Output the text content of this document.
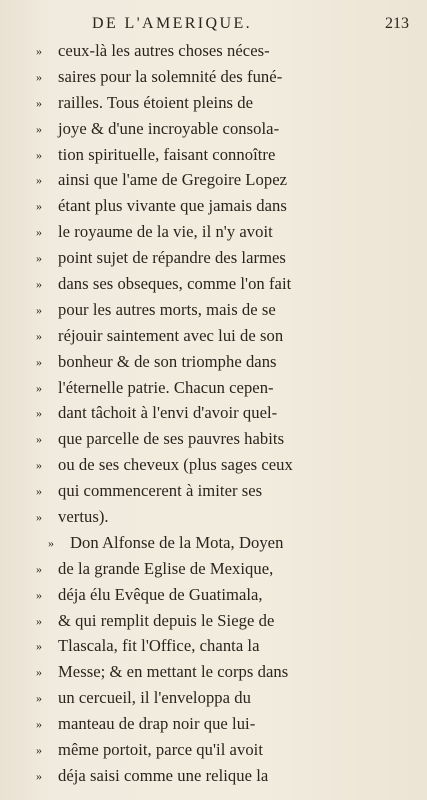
DE L'AMERIQUE.	213
» ceux-là les autres choses néces-
» saires pour la solemnité des funé-
» railles. Tous étoient pleins de
» joye & d'une incroyable consola-
» tion spirituelle, faisant connoître
» ainsi que l'ame de Gregoire Lopez
» étant plus vivante que jamais dans
» le royaume de la vie, il n'y avoit
» point sujet de répandre des larmes
» dans ses obseques, comme l'on fait
» pour les autres morts, mais de se
» réjouir saintement avec lui de son
» bonheur & de son triomphe dans
» l'éternelle patrie. Chacun cepen-
» dant tâchoit à l'envi d'avoir quel-
» que parcelle de ses pauvres habits
» ou de ses cheveux (plus sages ceux
» qui commencerent à imiter ses
» vertus).
» Don Alfonse de la Mota, Doyen
» de la grande Eglise de Mexique,
» déja élu Evêque de Guatimala,
» & qui remplit depuis le Siege de
» Tlascala, fit l'Office, chanta la
» Messe; & en mettant le corps dans
» un cercueil, il l'enveloppa du
» manteau de drap noir que lui-
» même portoit, parce qu'il avoit
» déja saisi comme une relique la
